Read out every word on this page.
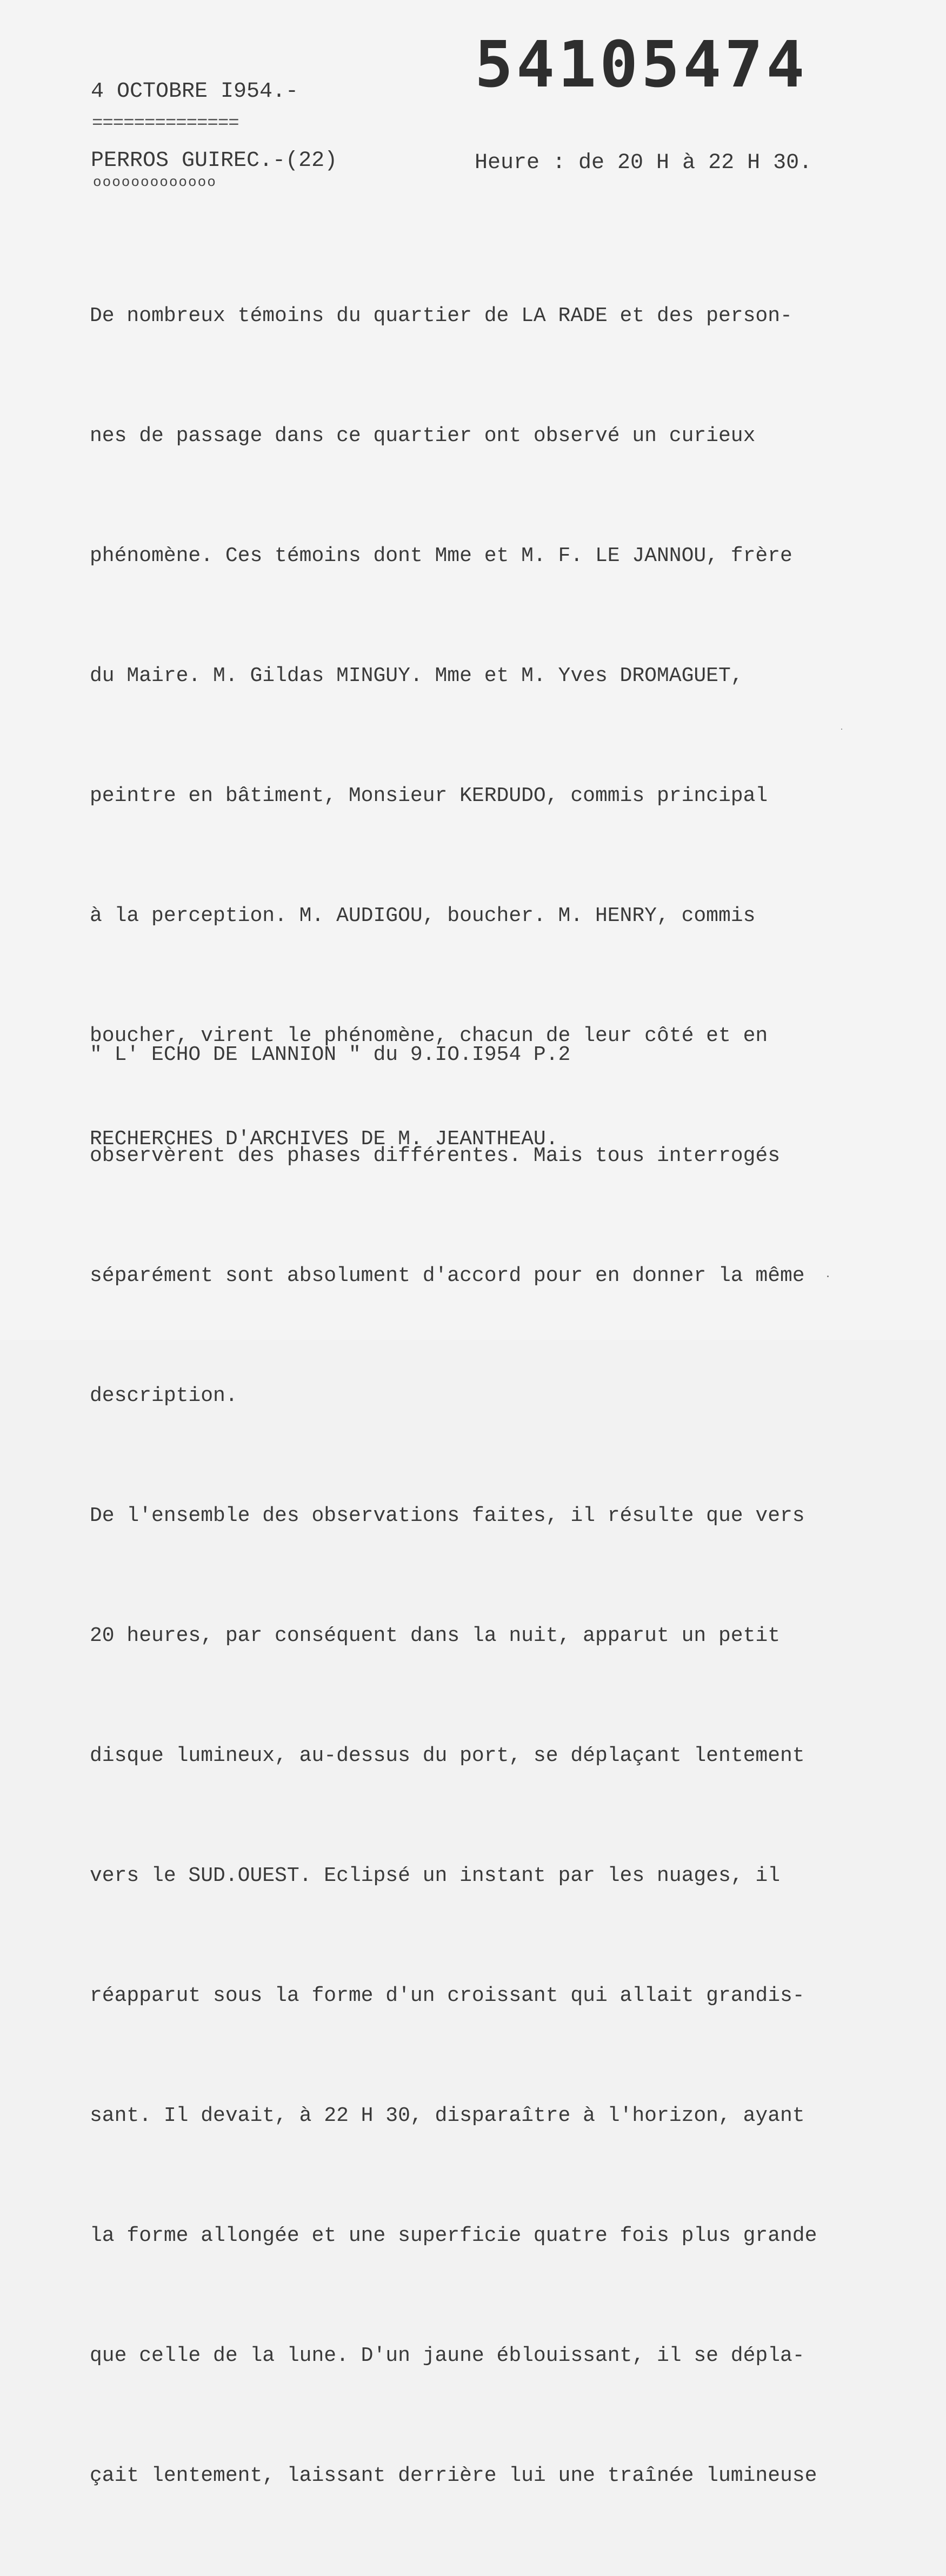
54105474
4 OCTOBRE I954.-
==============
PERROS GUIREC.-(22)
ooooooooooooo
Heure : de 20 H à 22 H 30.

De nombreux témoins du quartier de LA RADE et des person-

nes de passage dans ce quartier ont observé un curieux

phénomène. Ces témoins dont Mme et M. F. LE JANNOU, frère

du Maire. M. Gildas MINGUY. Mme et M. Yves DROMAGUET,

peintre en bâtiment, Monsieur KERDUDO, commis principal

à la perception. M. AUDIGOU, boucher. M. HENRY, commis

boucher, virent le phénomène, chacun de leur côté et en

observèrent des phases différentes. Mais tous interrogés

séparément sont absolument d'accord pour en donner la même

description.

De l'ensemble des observations faites, il résulte que vers

20 heures, par conséquent dans la nuit, apparut un petit

disque lumineux, au-dessus du port, se déplaçant lentement

vers le SUD.OUEST. Eclipsé un instant par les nuages, il

réapparut sous la forme d'un croissant qui allait grandis-

sant. Il devait, à 22 H 30, disparaître à l'horizon, ayant

la forme allongée et une superficie quatre fois plus grande

que celle de la lune. D'un jaune éblouissant, il se dépla-

çait lentement, laissant derrière lui une traînée lumineuse

" L' ECHO DE LANNION " du 9.IO.I954 P.2

RECHERCHES D'ARCHIVES DE M. JEANTHEAU.
